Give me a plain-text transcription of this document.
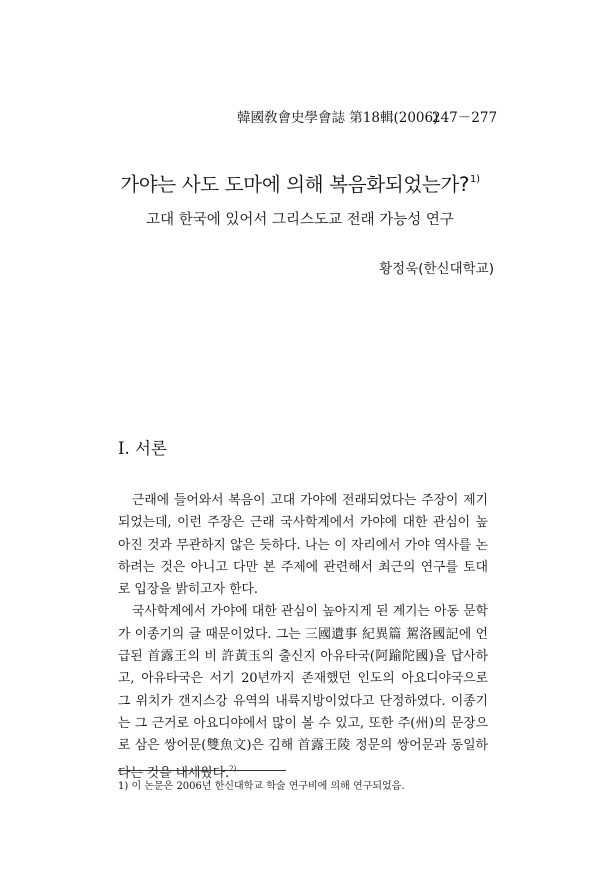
韓國敎會史學會誌 第18輯(2006)
247－277
가야는 사도 도마에 의해 복음화되었는가?$^{1)}$
고대 한국에 있어서 그리스도교 전래 가능성 연구
황정욱(한신대학교)
I. 서론

근래에 들어와서 복음이 고대 가야에 전래되었다는 주장이 제기되었는데, 이런 주장은 근래 국사학계에서 가야에 대한 관심이 높아진 것과 무관하지 않은 듯하다. 나는 이 자리에서 가야 역사를 논하려는 것은 아니고 다만 본 주제에 관련해서 최근의 연구를 토대로 입장을 밝히고자 한다.

국사학계에서 가야에 대한 관심이 높아지게 된 계기는 아동 문학가 이종기의 글 때문이었다. 그는 三國遺事 紀異篇 駕洛國記에 언급된 首露王의 비 許黃玉의 출신지 아유타국(阿踰陀國)을 답사하고, 아유타국은 서기 20년까지 존재했던 인도의 아요디야국으로 그 위치가 갠지스강 유역의 내륙지방이었다고 단정하였다. 이종기는 그 근거로 아요디야에서 많이 볼 수 있고, 또한 주(州)의 문장으로 삼은 쌍어문(雙魚文)은 김해 首露王陵 정문의 쌍어문과 동일하다는 것을 내세웠다.$^{2)}$

1) 이 논문은 2006년 한신대학교 학술 연구비에 의해 연구되었음.
